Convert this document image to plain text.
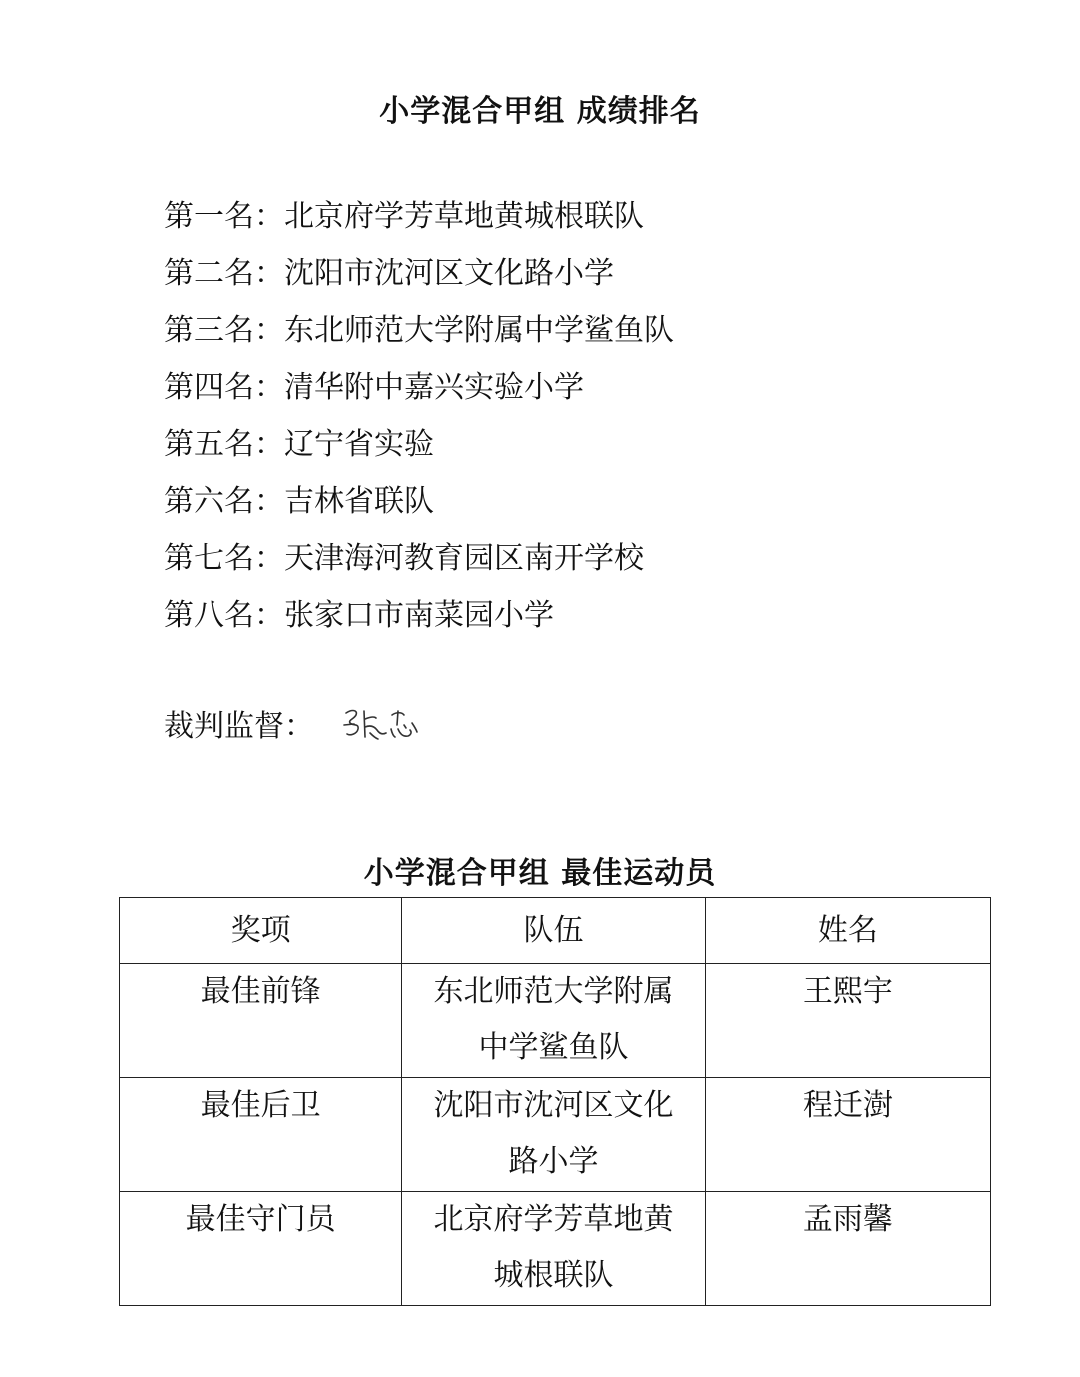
小学混合甲组 成绩排名
第一名：北京府学芳草地黄城根联队
第二名：沈阳市沈河区文化路小学
第三名：东北师范大学附属中学鲨鱼队
第四名：清华附中嘉兴实验小学
第五名：辽宁省实验
第六名：吉林省联队
第七名：天津海河教育园区南开学校
第八名：张家口市南菜园小学
裁判监督：
小学混合甲组 最佳运动员
奖项	队伍	姓名
最佳前锋	东北师范大学附属中学鲨鱼队	王熙宇
最佳后卫	沈阳市沈河区文化路小学	程迁澍
最佳守门员	北京府学芳草地黄城根联队	孟雨馨
